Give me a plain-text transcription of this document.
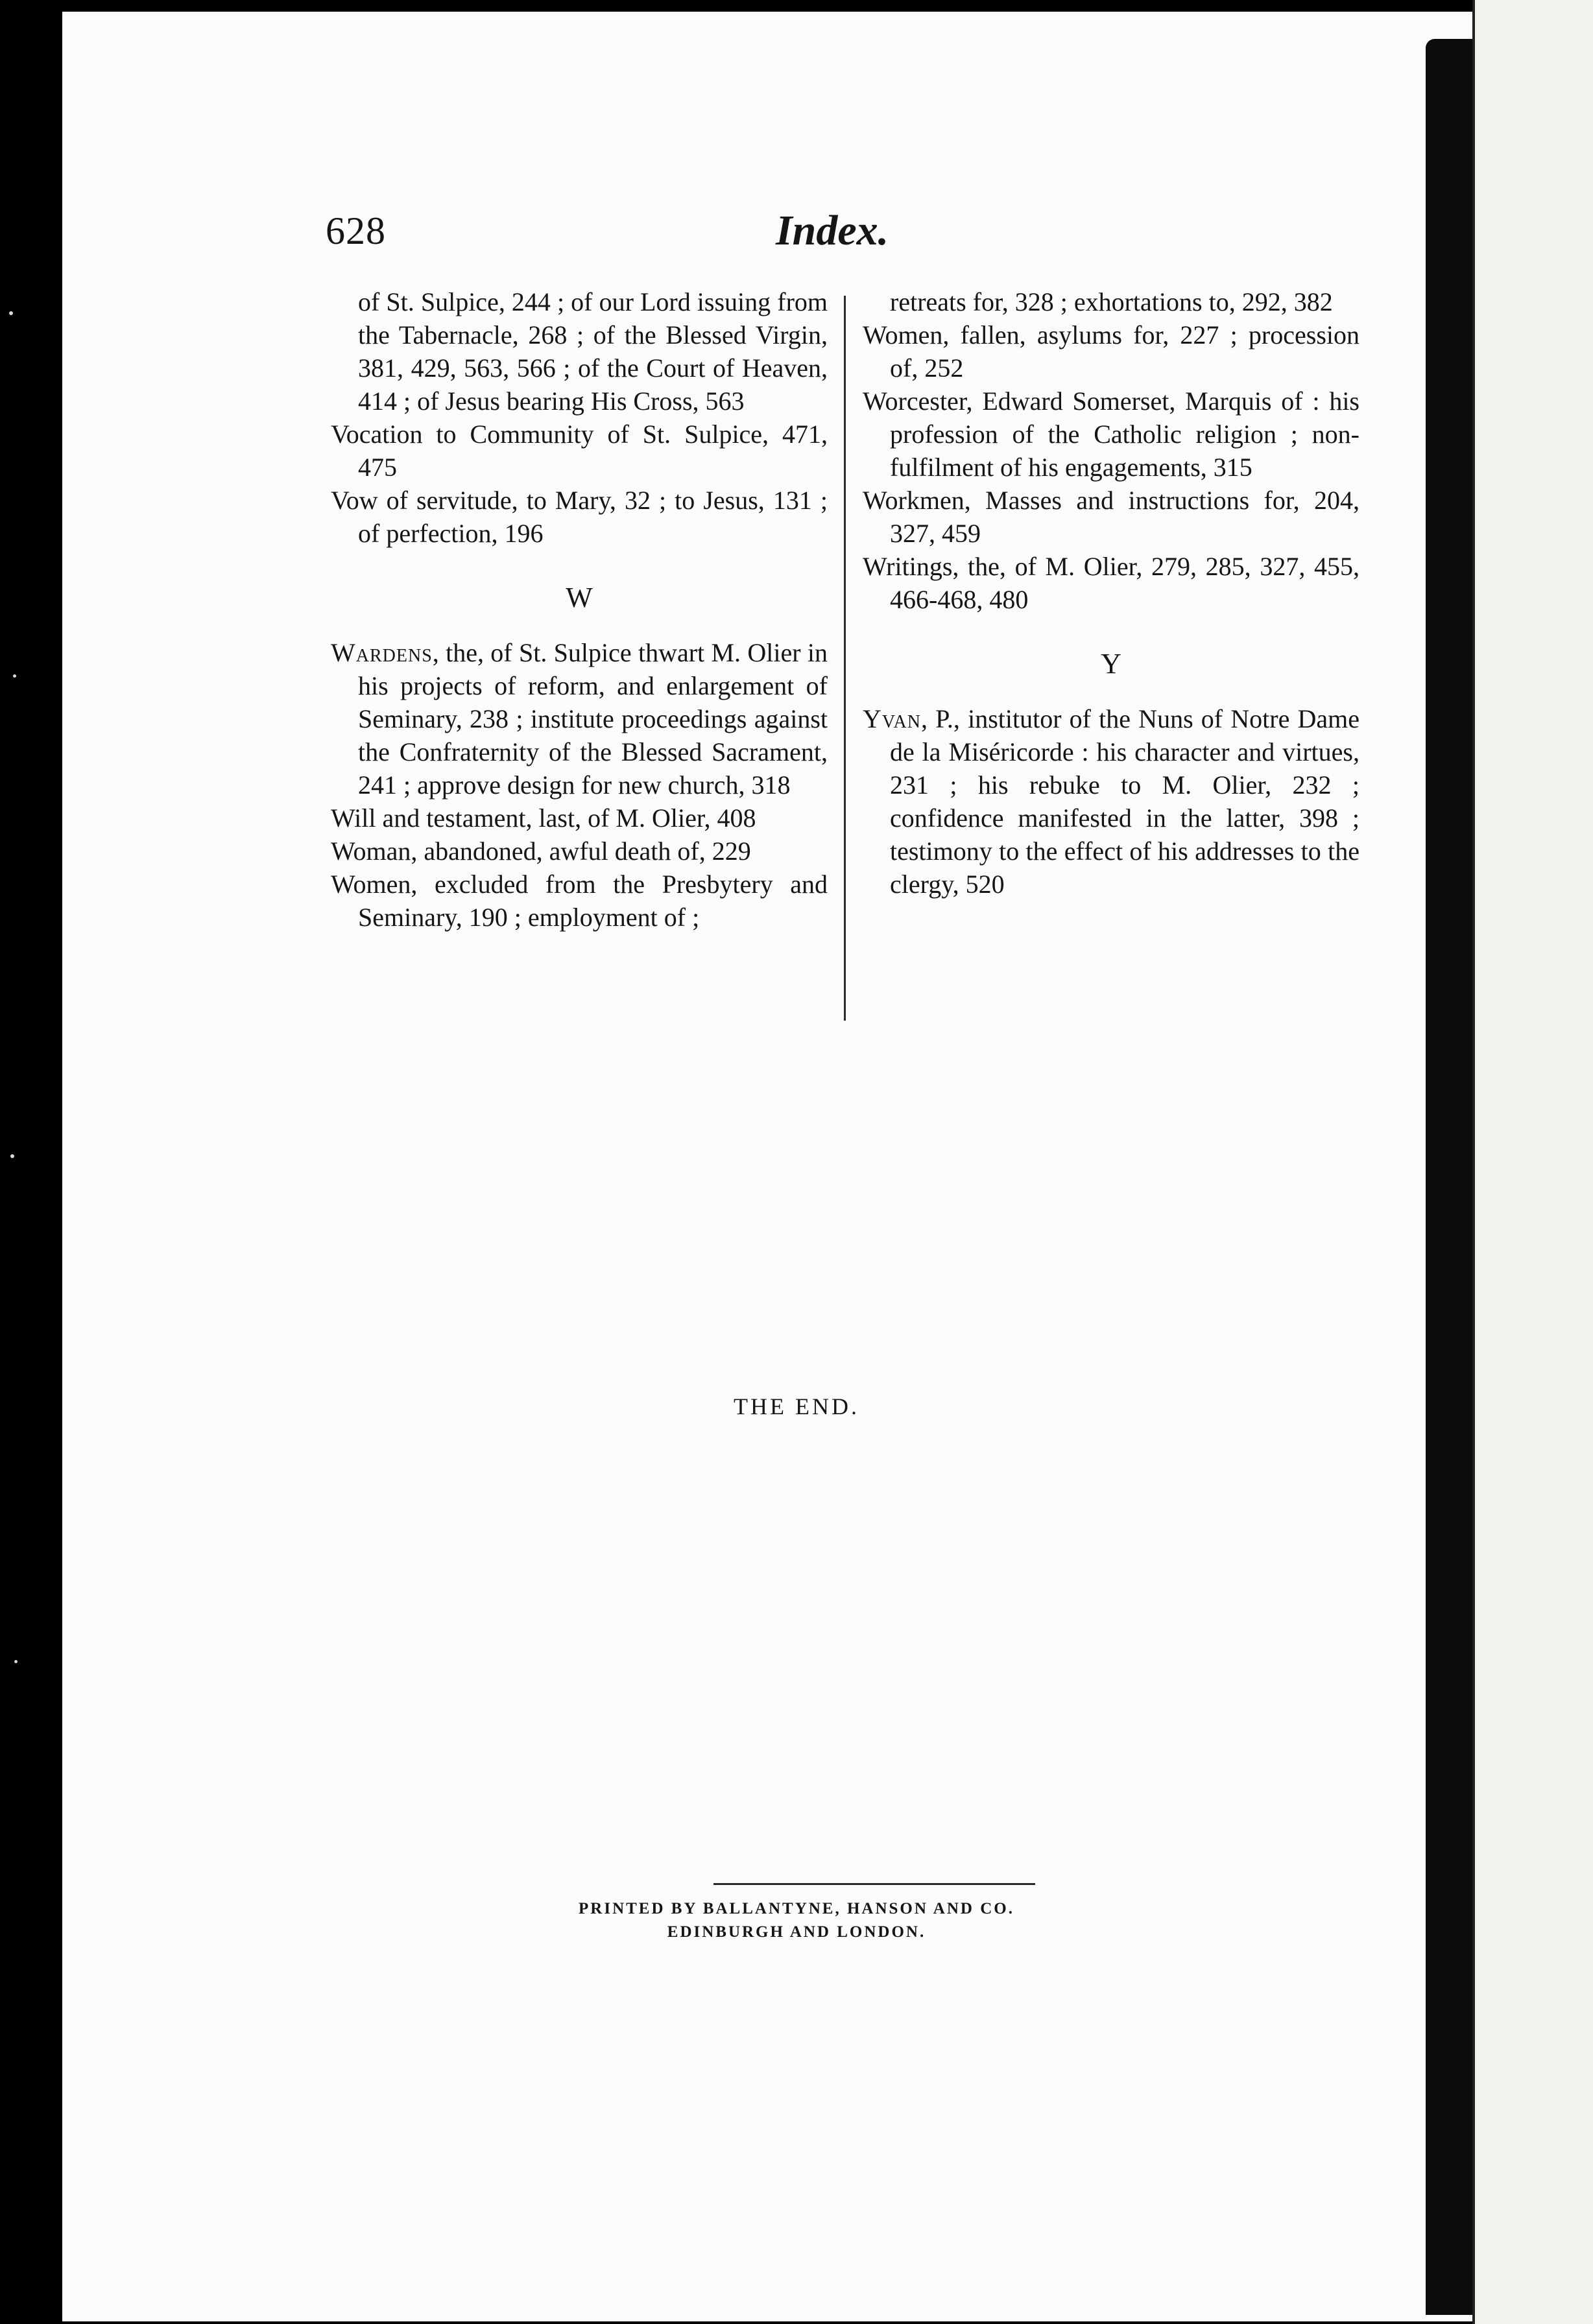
628	Index.

of St. Sulpice, 244 ; of our Lord issuing from the Tabernacle, 268 ; of the Blessed Virgin, 381, 429, 563, 566 ; of the Court of Heaven, 414 ; of Jesus bearing His Cross, 563

Vocation to Community of St. Sulpice, 471, 475

Vow of servitude, to Mary, 32 ; to Jesus, 131 ; of perfection, 196

W

Wardens, the, of St. Sulpice thwart M. Olier in his projects of reform, and enlargement of Seminary, 238 ; institute proceedings against the Confraternity of the Blessed Sacrament, 241 ; approve design for new church, 318

Will and testament, last, of M. Olier, 408

Woman, abandoned, awful death of, 229

Women, excluded from the Presbytery and Seminary, 190 ; employment of ;

retreats for, 328 ; exhortations to, 292, 382

Women, fallen, asylums for, 227 ; procession of, 252

Worcester, Edward Somerset, Marquis of : his profession of the Catholic religion ; non-fulfilment of his engagements, 315

Workmen, Masses and instructions for, 204, 327, 459

Writings, the, of M. Olier, 279, 285, 327, 455, 466-468, 480

Y

Yvan, P., institutor of the Nuns of Notre Dame de la Miséricorde : his character and virtues, 231 ; his rebuke to M. Olier, 232 ; confidence manifested in the latter, 398 ; testimony to the effect of his addresses to the clergy, 520

THE END.
PRINTED BY BALLANTYNE, HANSON AND CO.
EDINBURGH AND LONDON.
